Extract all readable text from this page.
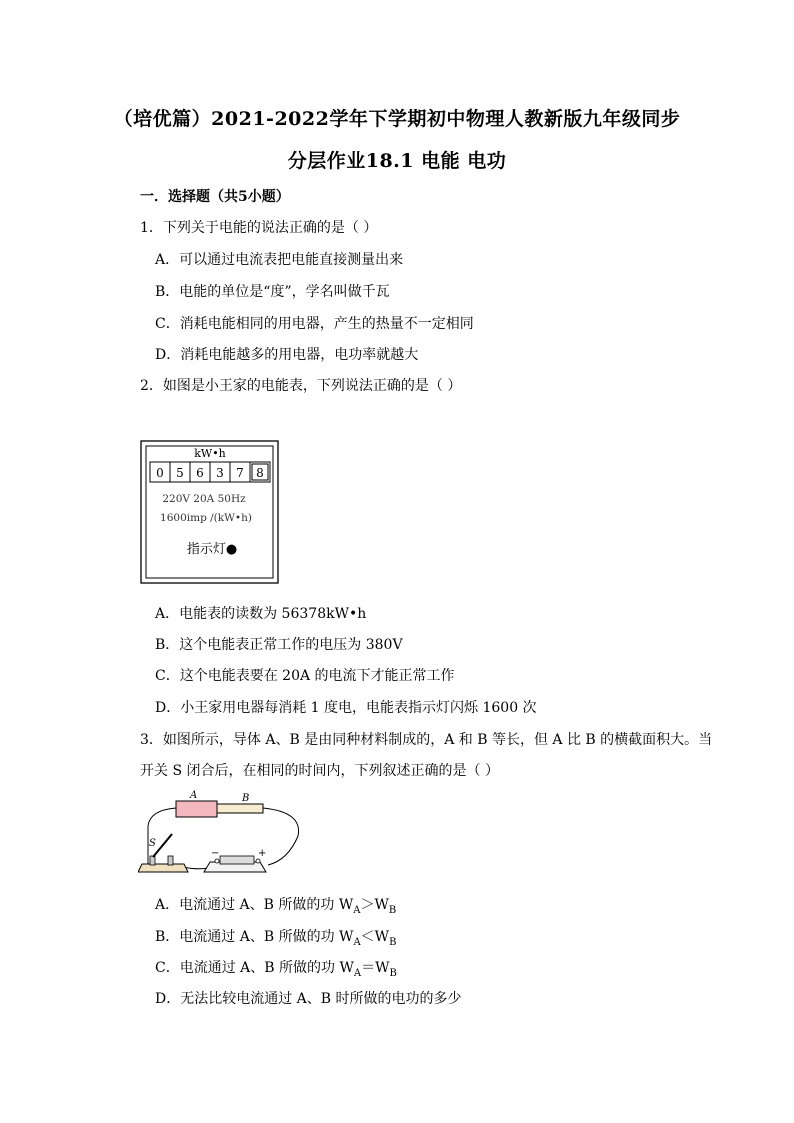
（培优篇）2021-2022学年下学期初中物理人教新版九年级同步
分层作业18.1 电能 电功
一．选择题（共5小题）
1．下列关于电能的说法正确的是（ ）
A．可以通过电流表把电能直接测量出来
B．电能的单位是“度”，学名叫做千瓦
C．消耗电能相同的用电器，产生的热量不一定相同
D．消耗电能越多的用电器，电功率就越大
2．如图是小王家的电能表，下列说法正确的是（ ）
kW•h
0 5 6 3 7 8
220V 20A 50Hz
1600imp /(kW•h)
指示灯●
A．电能表的读数为 56378kW•h
B．这个电能表正常工作的电压为 380V
C．这个电能表要在 20A 的电流下才能正常工作
D．小王家用电器每消耗 1 度电，电能表指示灯闪烁 1600 次
3．如图所示，导体 A、B 是由同种材料制成的，A 和 B 等长，但 A 比 B 的横截面积大。当
开关 S 闭合后，在相同的时间内，下列叙述正确的是（ ）
A	B
S
−	+
A．电流通过 A、B 所做的功 $W_A>W_B$
B．电流通过 A、B 所做的功 $W_A<W_B$
C．电流通过 A、B 所做的功 $W_A=W_B$
D．无法比较电流通过 A、B 时所做的电功的多少
